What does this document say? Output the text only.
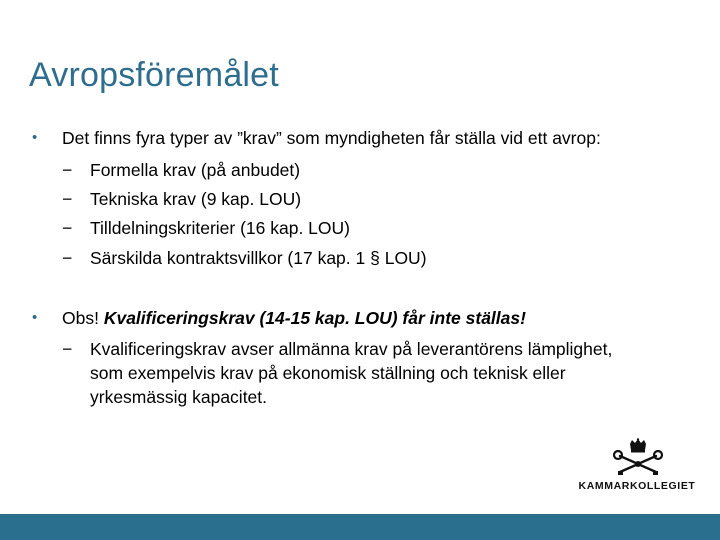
Avropsföremålet
• Det finns fyra typer av ”krav” som myndigheten får ställa vid ett avrop:
− Formella krav (på anbudet)
− Tekniska krav (9 kap. LOU)
− Tilldelningskriterier (16 kap. LOU)
− Särskilda kontraktsvillkor (17 kap. 1 § LOU)
• Obs! Kvalificeringskrav (14-15 kap. LOU) får inte ställas!
− Kvalificeringskrav avser allmänna krav på leverantörens lämplighet, som exempelvis krav på ekonomisk ställning och teknisk eller yrkesmässig kapacitet.
KAMMARKOLLEGIET
